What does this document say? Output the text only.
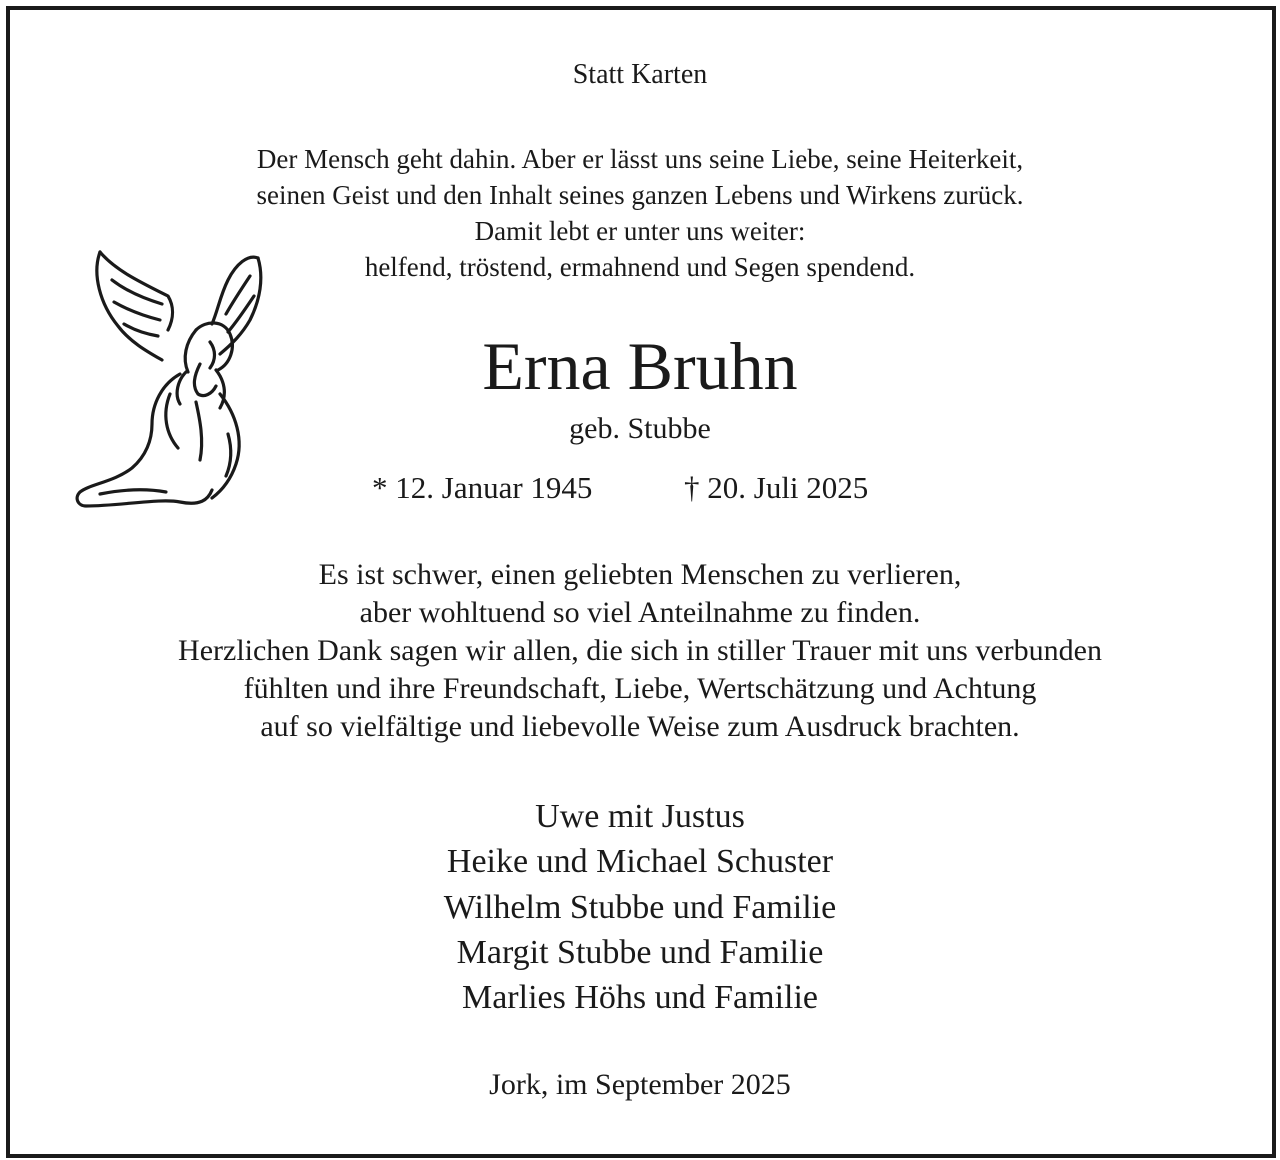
Statt Karten
Der Mensch geht dahin. Aber er lässt uns seine Liebe, seine Heiterkeit,
seinen Geist und den Inhalt seines ganzen Lebens und Wirkens zurück.
Damit lebt er unter uns weiter:
helfend, tröstend, ermahnend und Segen spendend.
Erna Bruhn
geb. Stubbe
* 12. Januar 1945	† 20. Juli 2025
Es ist schwer, einen geliebten Menschen zu verlieren,
aber wohltuend so viel Anteilnahme zu finden.
Herzlichen Dank sagen wir allen, die sich in stiller Trauer mit uns verbunden
fühlten und ihre Freundschaft, Liebe, Wertschätzung und Achtung
auf so vielfältige und liebevolle Weise zum Ausdruck brachten.
Uwe mit Justus
Heike und Michael Schuster
Wilhelm Stubbe und Familie
Margit Stubbe und Familie
Marlies Höhs und Familie
Jork, im September 2025
